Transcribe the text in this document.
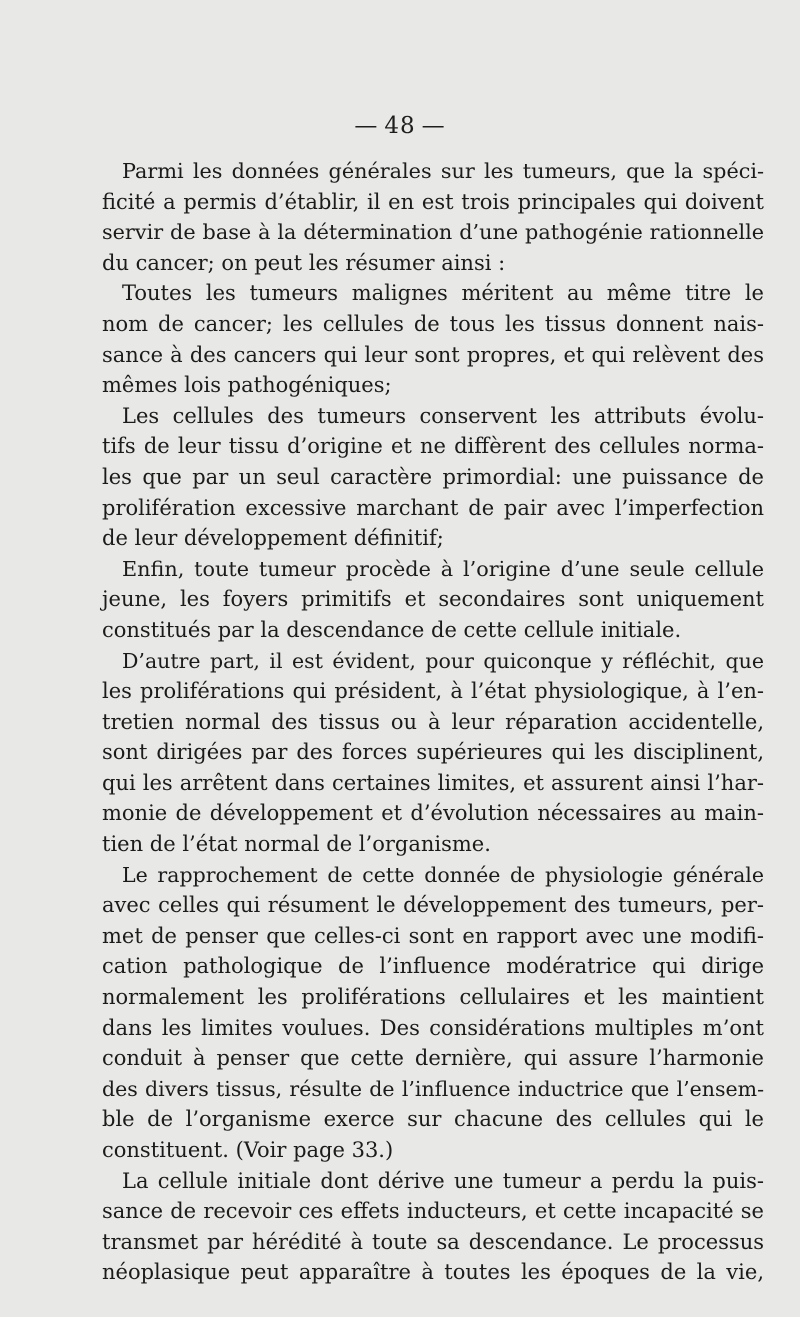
— 48 —
Parmi les données générales sur les tumeurs, que la spéci-
ficité a permis d’établir, il en est trois principales qui doivent
servir de base à la détermination d’une pathogénie rationnelle
du cancer; on peut les résumer ainsi :
Toutes les tumeurs malignes méritent au même titre le
nom de cancer; les cellules de tous les tissus donnent nais-
sance à des cancers qui leur sont propres, et qui relèvent des
mêmes lois pathogéniques;
Les cellules des tumeurs conservent les attributs évolu-
tifs de leur tissu d’origine et ne diffèrent des cellules norma-
les que par un seul caractère primordial: une puissance de
prolifération excessive marchant de pair avec l’imperfection
de leur développement définitif;
Enfin, toute tumeur procède à l’origine d’une seule cellule
jeune, les foyers primitifs et secondaires sont uniquement
constitués par la descendance de cette cellule initiale.
D’autre part, il est évident, pour quiconque y réfléchit, que
les proliférations qui président, à l’état physiologique, à l’en-
tretien normal des tissus ou à leur réparation accidentelle,
sont dirigées par des forces supérieures qui les disciplinent,
qui les arrêtent dans certaines limites, et assurent ainsi l’har-
monie de développement et d’évolution nécessaires au main-
tien de l’état normal de l’organisme.
Le rapprochement de cette donnée de physiologie générale
avec celles qui résument le développement des tumeurs, per-
met de penser que celles-ci sont en rapport avec une modifi-
cation pathologique de l’influence modératrice qui dirige
normalement les proliférations cellulaires et les maintient
dans les limites voulues. Des considérations multiples m’ont
conduit à penser que cette dernière, qui assure l’harmonie
des divers tissus, résulte de l’influence inductrice que l’ensem-
ble de l’organisme exerce sur chacune des cellules qui le
constituent. (Voir page 33.)
La cellule initiale dont dérive une tumeur a perdu la puis-
sance de recevoir ces effets inducteurs, et cette incapacité se
transmet par hérédité à toute sa descendance. Le processus
néoplasique peut apparaître à toutes les époques de la vie,
